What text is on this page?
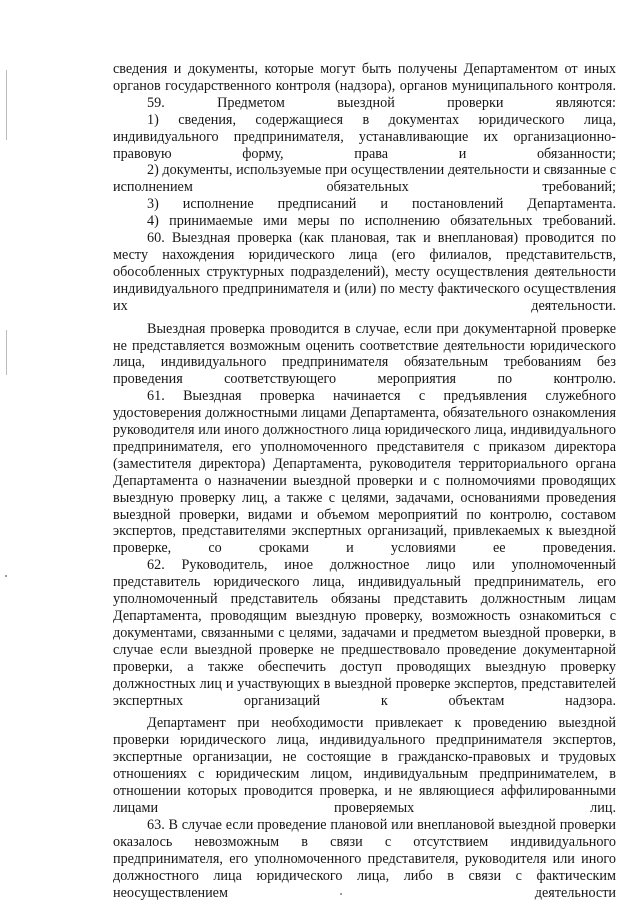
сведения и документы, которые могут быть получены Департаментом от иных органов государственного контроля (надзора), органов муниципального контроля.

59. Предметом выездной проверки являются:

1) сведения, содержащиеся в документах юридического лица, индивидуального предпринимателя, устанавливающие их организационно-правовую форму, права и обязанности;

2) документы, используемые при осуществлении деятельности и связанные с исполнением обязательных требований;

3) исполнение предписаний и постановлений Департамента.

4) принимаемые ими меры по исполнению обязательных требований.

60. Выездная проверка (как плановая, так и внеплановая) проводится по месту нахождения юридического лица (его филиалов, представительств, обособленных структурных подразделений), месту осуществления деятельности индивидуального предпринимателя и (или) по месту фактического осуществления их деятельности.

Выездная проверка проводится в случае, если при документарной проверке не представляется возможным оценить соответствие деятельности юридического лица, индивидуального предпринимателя обязательным требованиям без проведения соответствующего мероприятия по контролю.

61. Выездная проверка начинается с предъявления служебного удостоверения должностными лицами Департамента, обязательного ознакомления руководителя или иного должностного лица юридического лица, индивидуального предпринимателя, его уполномоченного представителя с приказом директора (заместителя директора) Департамента, руководителя территориального органа Департамента о назначении выездной проверки и с полномочиями проводящих выездную проверку лиц, а также с целями, задачами, основаниями проведения выездной проверки, видами и объемом мероприятий по контролю, составом экспертов, представителями экспертных организаций, привлекаемых к выездной проверке, со сроками и условиями ее проведения.

62. Руководитель, иное должностное лицо или уполномоченный представитель юридического лица, индивидуальный предприниматель, его уполномоченный представитель обязаны представить должностным лицам Департамента, проводящим выездную проверку, возможность ознакомиться с документами, связанными с целями, задачами и предметом выездной проверки, в случае если выездной проверке не предшествовало проведение документарной проверки, а также обеспечить доступ проводящих выездную проверку должностных лиц и участвующих в выездной проверке экспертов, представителей экспертных организаций к объектам надзора.

Департамент при необходимости привлекает к проведению выездной проверки юридического лица, индивидуального предпринимателя экспертов, экспертные организации, не состоящие в гражданско-правовых и трудовых отношениях с юридическим лицом, индивидуальным предпринимателем, в отношении которых проводится проверка, и не являющиеся аффилированными лицами проверяемых лиц.

63. В случае если проведение плановой или внеплановой выездной проверки оказалось невозможным в связи с отсутствием индивидуального предпринимателя, его уполномоченного представителя, руководителя или иного должностного лица юридического лица, либо в связи с фактическим неосуществлением деятельности
